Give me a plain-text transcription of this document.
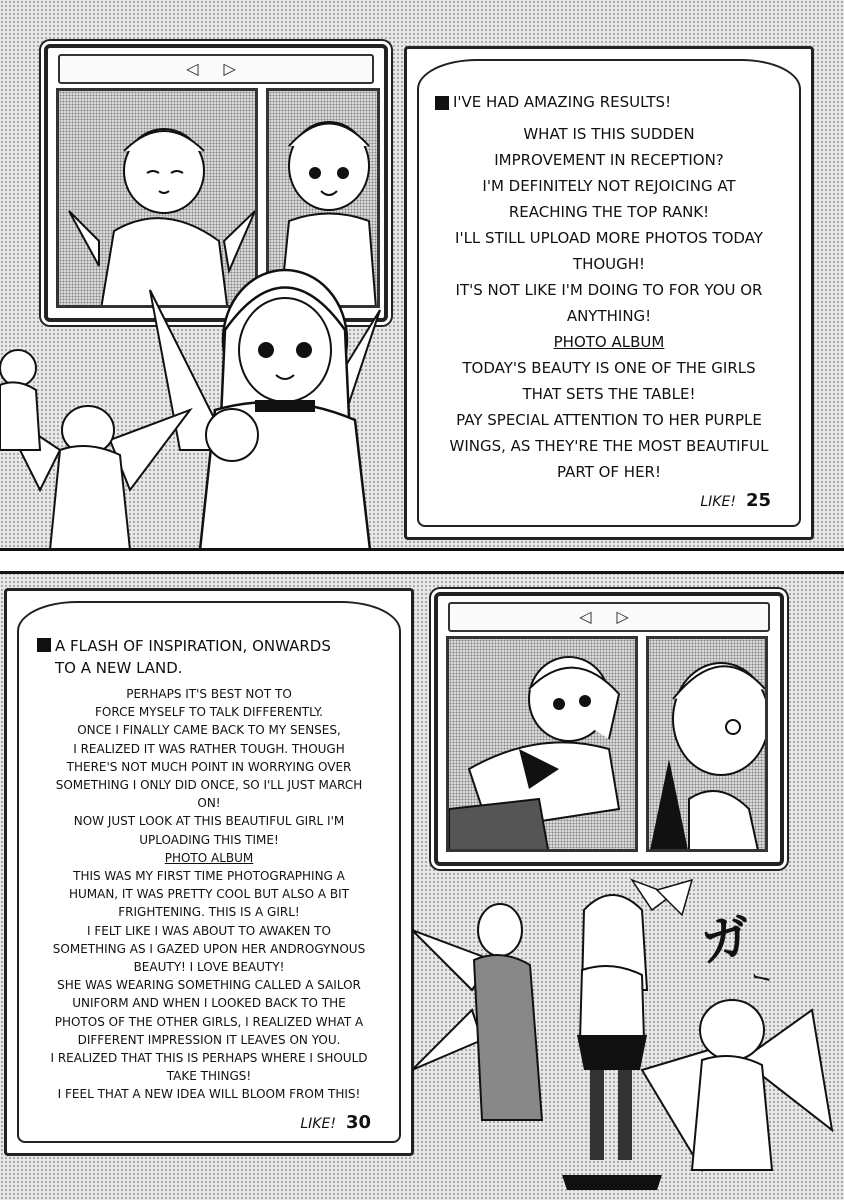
◁ ▷
I'VE HAD AMAZING RESULTS!
WHAT IS THIS SUDDEN
IMPROVEMENT IN RECEPTION?
I'M DEFINITELY NOT REJOICING AT
REACHING THE TOP RANK!
I'LL STILL UPLOAD MORE PHOTOS TODAY
THOUGH!
IT'S NOT LIKE I'M DOING TO FOR YOU OR
ANYTHING!
PHOTO ALBUM
TODAY'S BEAUTY IS ONE OF THE GIRLS
THAT SETS THE TABLE!
PAY SPECIAL ATTENTION TO HER PURPLE
WINGS, AS THEY'RE THE MOST BEAUTIFUL
PART OF HER!
LIKE! 25
A FLASH OF INSPIRATION, ONWARDS
TO A NEW LAND.
PERHAPS IT'S BEST NOT TO
FORCE MYSELF TO TALK DIFFERENTLY.
ONCE I FINALLY CAME BACK TO MY SENSES,
I REALIZED IT WAS RATHER TOUGH. THOUGH
THERE'S NOT MUCH POINT IN WORRYING OVER
SOMETHING I ONLY DID ONCE, SO I'LL JUST MARCH
ON!
NOW JUST LOOK AT THIS BEAUTIFUL GIRL I'M
UPLOADING THIS TIME!
PHOTO ALBUM
THIS WAS MY FIRST TIME PHOTOGRAPHING A
HUMAN, IT WAS PRETTY COOL BUT ALSO A BIT
FRIGHTENING. THIS IS A GIRL!
I FELT LIKE I WAS ABOUT TO AWAKEN TO
SOMETHING AS I GAZED UPON HER ANDROGYNOUS
BEAUTY! I LOVE BEAUTY!
SHE WAS WEARING SOMETHING CALLED A SAILOR
UNIFORM AND WHEN I LOOKED BACK TO THE
PHOTOS OF THE OTHER GIRLS, I REALIZED WHAT A
DIFFERENT IMPRESSION IT LEAVES ON YOU.
I REALIZED THAT THIS IS PERHAPS WHERE I SHOULD
TAKE THINGS!
I FEEL THAT A NEW IDEA WILL BLOOM FROM THIS!
LIKE! 30
◁ ▷
ガ
ー
